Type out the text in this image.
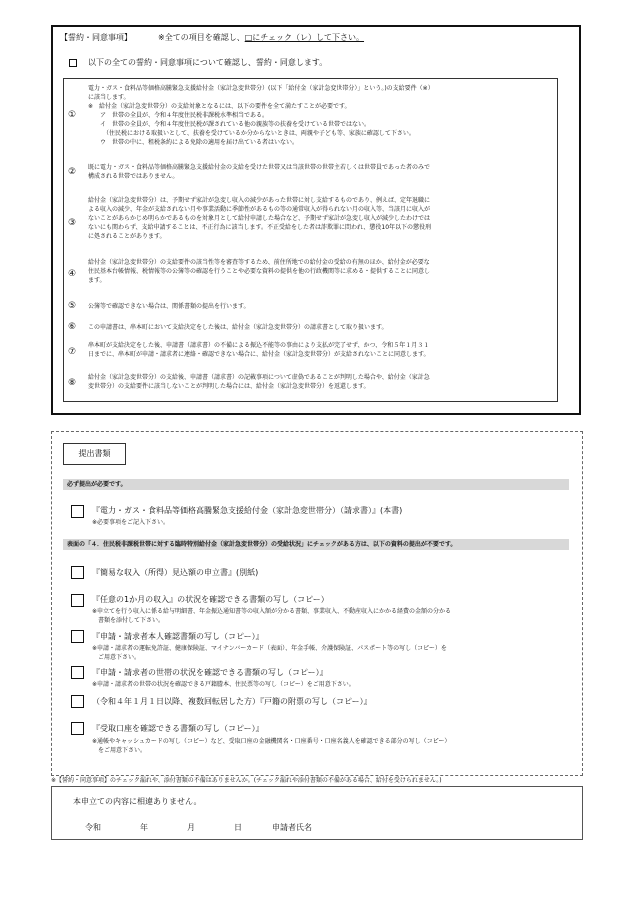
【誓約・同意事項】	※全ての項目を確認し、□にチェック（レ）して下さい。
以下の全ての誓約・同意事項について確認し、誓約・同意します。
①
電力・ガス・食料品等価格高騰緊急支援給付金（家計急変世帯分）(以下「給付金（家計急変世帯分）」という。)の支給要件（※）
に該当します。
※　給付金（家計急変世帯分）の支給対象となるには、以下の要件を全て満たすことが必要です。
　　ア　世帯の全員が、令和４年度住民税非課税水準相当である。
　　イ　世帯の全員が、令和４年度住民税が課されている他の親族等の扶養を受けている世帯ではない。
　　　（住民税における取扱いとして、扶養を受けているか分からないときは、両親や子ども等、家族に確認して下さい。
　　ウ　世帯の中に、租税条約による免除の適用を届け出ている者はいない。
②	既に電力・ガス・食料品等価格高騰緊急支援給付金の支給を受けた世帯又は当該世帯の世帯主若しくは世帯員であった者のみで
構成される世帯ではありません。
③
給付金（家計急変世帯分）は、予期せず家計が急変し収入の減少があった世帯に対し支給するものであり、例えば、定年退職に
よる収入の減少、年金が支給されない月や事業活動に季節性があるもの等の通常収入が得られない月の収入等、当該月に収入が
ないことがあらかじめ明らかであるものを対象月として給付申請した場合など、予期せず家計が急変し収入が減少したわけでは
ないにも関わらず、支給申請することは、不正行為に該当します。不正受給をした者は詐欺罪に問われ、懲役10年以下の懲役刑
に処されることがあります。
④
給付金（家計急変世帯分）の支給要件の該当性等を審査等するため、前住所地での給付金の受給の有無のほか、給付金が必要な
住民基本台帳情報、税情報等の公簿等の確認を行うことや必要な資料の提供を他の行政機関等に求める・提供することに同意し
ます。
⑤	公簿等で確認できない場合は、関係書類の提出を行います。
⑥	この申請書は、串本町において支給決定をした後は、給付金（家計急変世帯分）の請求書として取り扱います。
⑦
串本町が支給決定をした後、申請書（請求書）の不備による振込不能等の事由により支払が完了せず、かつ、令和５年１月３１
日までに、串本町が申請・請求者に連絡・確認できない場合に、給付金（家計急変世帯分）が支給されないことに同意します。
⑧
給付金（家計急変世帯分）の支給後、申請書（請求書）の記載事項について虚偽であることが判明した場合や、給付金（家計急
変世帯分）の支給要件に該当しないことが判明した場合には、給付金（家計急変世帯分）を返還します。
提出書類
必ず提出が必要です。
『電力・ガス・食料品等価格高騰緊急支援給付金（家計急変世帯分）（請求書）』(本書)
※必要事項をご記入下さい。
表面の「４．住民税非課税世帯に対する臨時特別給付金（家計急変世帯分）の受給状況」にチェックがある方は、以下の資料の提出が不要です。
『簡易な収入（所得）見込額の申立書』(別紙)
『任意の1か月の収入』の状況を確認できる書類の写し（コピー）
※申立てを行う収入に係る給与明細書、年金振込通知書等の収入額が分かる書類、事業収入、不動産収入にかかる経費の金額の分かる
　書類を添付して下さい。
『申請・請求者本人確認書類の写し（コピー）』
※申請・請求者の運転免許証、健康保険証、マイナンバーカード（表面）、年金手帳、介護保険証、パスポート等の写し（コピー）を
　ご用意下さい。
『申請・請求者の世帯の状況を確認できる書類の写し（コピー）』
※申請・請求者の世帯の状況を確認できる戸籍謄本、住民票等の写し（コピー）をご用意下さい。
（令和４年１月１日以降、複数回転居した方）『戸籍の附票の写し（コピー）』
『受取口座を確認できる書類の写し（コピー）』
※通帳やキャッシュカードの写し（コピー）など、受取口座の金融機関名・口座番号・口座名義人を確認できる部分の写し（コピー）
　をご用意下さい。
※【誓約・同意事項】のチェック漏れや、添付書類の不備はありませんか。(チェック漏れや添付書類の不備がある場合、給付を受けられません。)
本申立ての内容に相違ありません。
令和	年	月	日	申請者氏名
